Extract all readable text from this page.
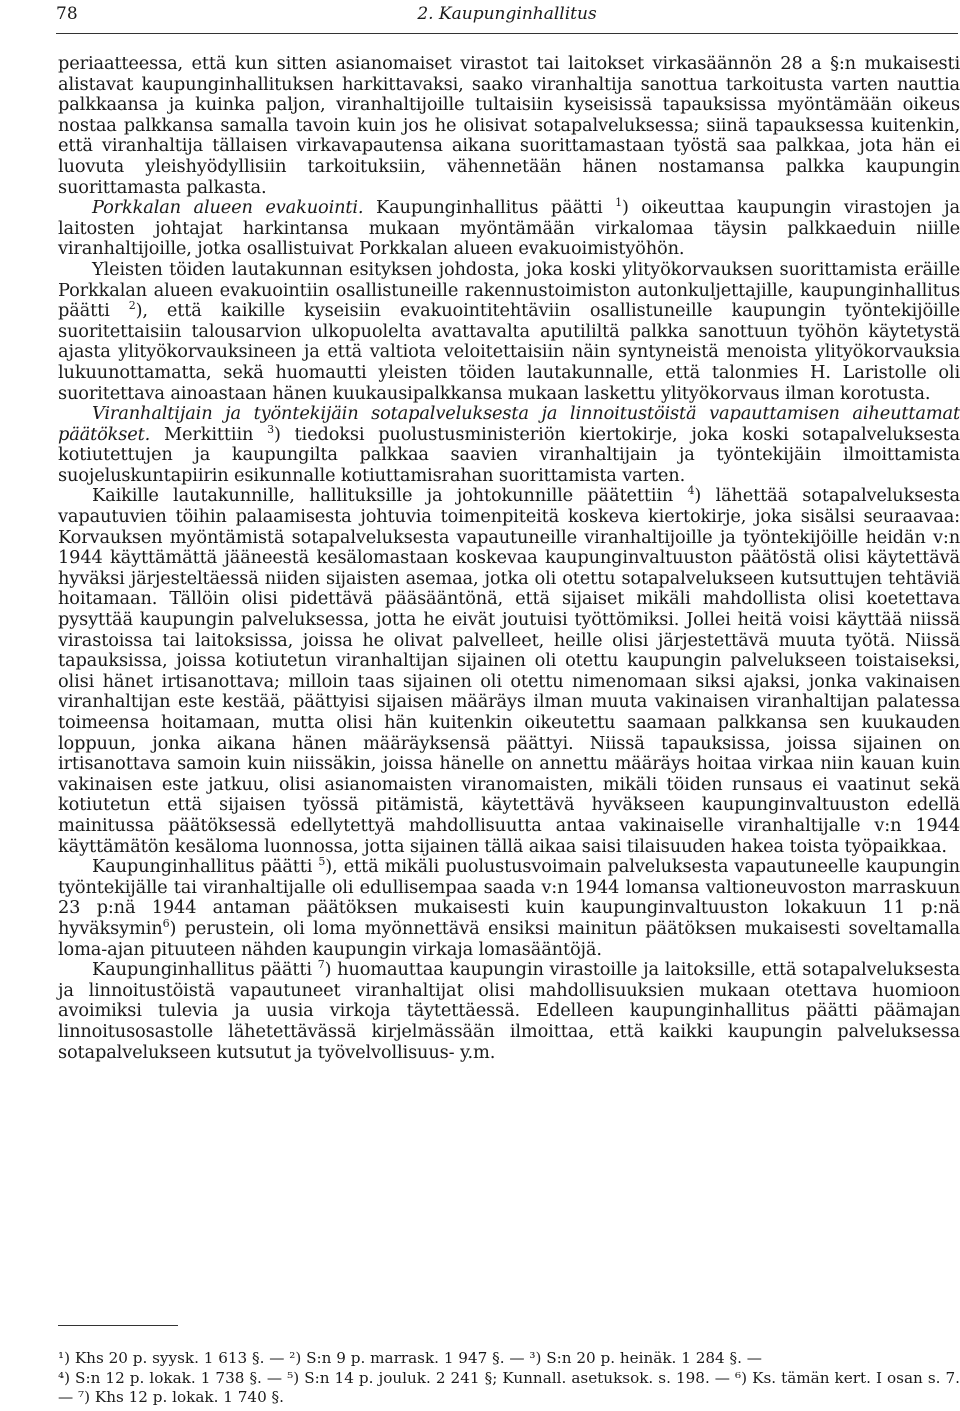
78	2. Kaupunginhallitus

periaatteessa, että kun sitten asianomaiset virastot tai laitokset virkasäännön 28 a §:n mukaisesti alistavat kaupunginhallituksen harkittavaksi, saako viranhaltija sanottua tarkoitusta varten nauttia palkkaansa ja kuinka paljon, viranhaltijoille tultaisiin kyseisissä tapauksissa myöntämään oikeus nostaa palkkansa samalla tavoin kuin jos he olisivat sotapalveluksessa; siinä tapauksessa kuitenkin, että viranhaltija tällaisen virkavapautensa aikana suorittamastaan työstä saa palkkaa, jota hän ei luovuta yleishyödyllisiin tarkoituksiin, vähennetään hänen nostamansa palkka kaupungin suorittamasta palkasta.

Porkkalan alueen evakuointi. Kaupunginhallitus päätti $^1$) oikeuttaa kaupungin virastojen ja laitosten johtajat harkintansa mukaan myöntämään virkalomaa täysin palkkaeduin niille viranhaltijoille, jotka osallistuivat Porkkalan alueen evakuoimistyöhön.

Yleisten töiden lautakunnan esityksen johdosta, joka koski ylityökorvauksen suorittamista eräille Porkkalan alueen evakuointiin osallistuneille rakennustoimiston autonkuljettajille, kaupunginhallitus päätti $^2$), että kaikille kyseisiin evakuointitehtäviin osallistuneille kaupungin työntekijöille suoritettaisiin talousarvion ulkopuolelta avattavalta aputililtä palkka sanottuun työhön käytetystä ajasta ylityökorvauksineen ja että valtiota veloitettaisiin näin syntyneistä menoista ylityökorvauksia lukuunottamatta, sekä huomautti yleisten töiden lautakunnalle, että talonmies H. Laristolle oli suoritettava ainoastaan hänen kuukausipalkkansa mukaan laskettu ylityökorvaus ilman korotusta.

Viranhaltijain ja työntekijäin sotapalveluksesta ja linnoitustöistä vapauttamisen aiheuttamat päätökset. Merkittiin $^3$) tiedoksi puolustusministeriön kiertokirje, joka koski sotapalveluksesta kotiutettujen ja kaupungilta palkkaa saavien viranhaltijain ja työntekijäin ilmoittamista suojeluskuntapiirin esikunnalle kotiuttamisrahan suorittamista varten.

Kaikille lautakunnille, hallituksille ja johtokunnille päätettiin $^4$) lähettää sotapalveluksesta vapautuvien töihin palaamisesta johtuvia toimenpiteitä koskeva kiertokirje, joka sisälsi seuraavaa: Korvauksen myöntämistä sotapalveluksesta vapautuneille viranhaltijoille ja työntekijöille heidän v:n 1944 käyttämättä jääneestä kesälomastaan koskevaa kaupunginvaltuuston päätöstä olisi käytettävä hyväksi järjesteltäessä niiden sijaisten asemaa, jotka oli otettu sotapalvelukseen kutsuttujen tehtäviä hoitamaan. Tällöin olisi pidettävä pääsääntönä, että sijaiset mikäli mahdollista olisi koetettava pysyttää kaupungin palveluksessa, jotta he eivät joutuisi työttömiksi. Jollei heitä voisi käyttää niissä virastoissa tai laitoksissa, joissa he olivat palvelleet, heille olisi järjestettävä muuta työtä. Niissä tapauksissa, joissa kotiutetun viranhaltijan sijainen oli otettu kaupungin palvelukseen toistaiseksi, olisi hänet irtisanottava; milloin taas sijainen oli otettu nimenomaan siksi ajaksi, jonka vakinaisen viranhaltijan este kestää, päättyisi sijaisen määräys ilman muuta vakinaisen viranhaltijan palatessa toimeensa hoitamaan, mutta olisi hän kuitenkin oikeutettu saamaan palkkansa sen kuukauden loppuun, jonka aikana hänen määräyksensä päättyi. Niissä tapauksissa, joissa sijainen on irtisanottava samoin kuin niissäkin, joissa hänelle on annettu määräys hoitaa virkaa niin kauan kuin vakinaisen este jatkuu, olisi asianomaisten viranomaisten, mikäli töiden runsaus ei vaatinut sekä kotiutetun että sijaisen työssä pitämistä, käytettävä hyväkseen kaupunginvaltuuston edellä mainitussa päätöksessä edellytettyä mahdollisuutta antaa vakinaiselle viranhaltijalle v:n 1944 käyttämätön kesäloma luonnossa, jotta sijainen tällä aikaa saisi tilaisuuden hakea toista työpaikkaa.

Kaupunginhallitus päätti $^5$), että mikäli puolustusvoimain palveluksesta vapautuneelle kaupungin työntekijälle tai viranhaltijalle oli edullisempaa saada v:n 1944 lomansa valtioneuvoston marraskuun 23 p:nä 1944 antaman päätöksen mukaisesti kuin kaupunginvaltuuston lokakuun 11 p:nä hyväksymin$^6$) perustein, oli loma myönnettävä ensiksi mainitun päätöksen mukaisesti soveltamalla loma-ajan pituuteen nähden kaupungin virkaja lomasääntöjä.

Kaupunginhallitus päätti $^7$) huomauttaa kaupungin virastoille ja laitoksille, että sotapalveluksesta ja linnoitustöistä vapautuneet viranhaltijat olisi mahdollisuuksien mukaan otettava huomioon avoimiksi tulevia ja uusia virkoja täytettäessä. Edelleen kaupunginhallitus päätti päämajan linnoitusosastolle lähetettävässä kirjelmässään ilmoittaa, että kaikki kaupungin palveluksessa sotapalvelukseen kutsutut ja työvelvollisuus- y.m.

¹) Khs 20 p. syysk. 1 613 §. — ²) S:n 9 p. marrask. 1 947 §. — ³) S:n 20 p. heinäk. 1 284 §. —

⁴) S:n 12 p. lokak. 1 738 §. — ⁵) S:n 14 p. jouluk. 2 241 §; Kunnall. asetuksok. s. 198. — ⁶) Ks. tämän kert. I osan s. 7. — ⁷) Khs 12 p. lokak. 1 740 §.
